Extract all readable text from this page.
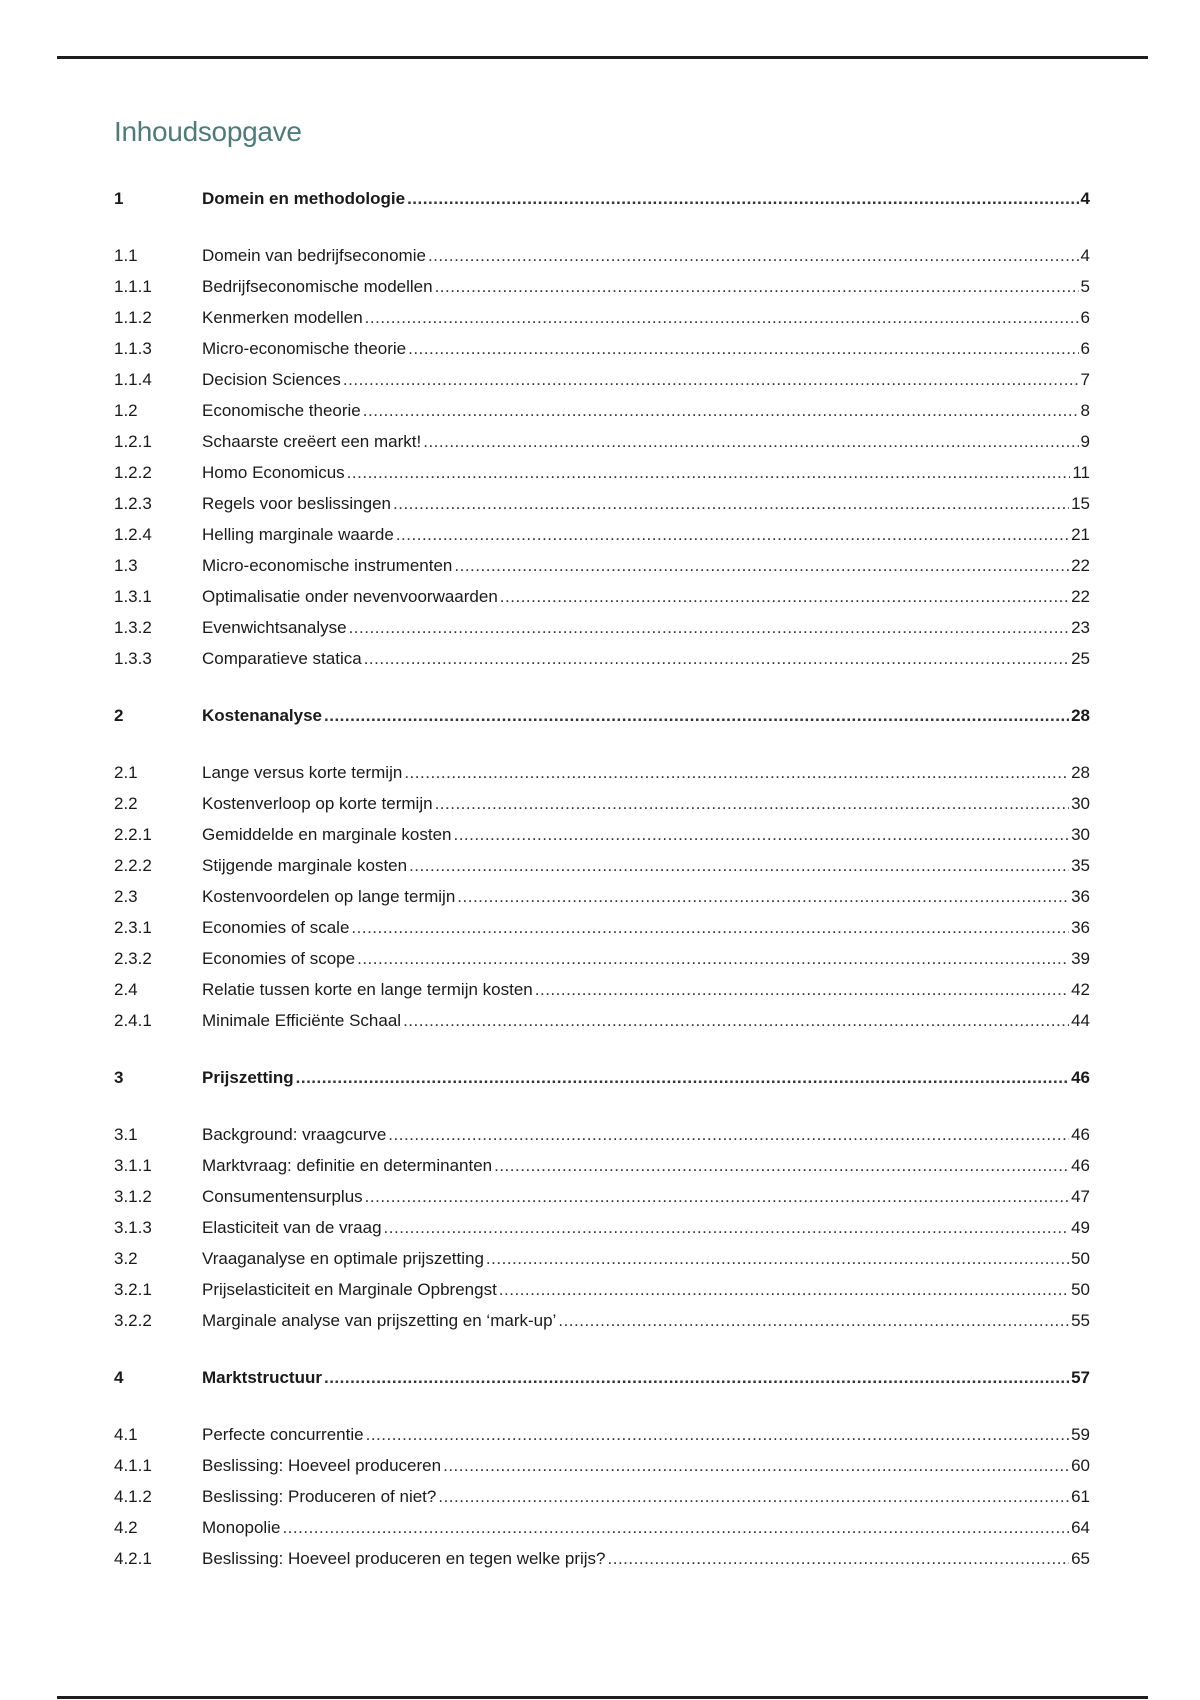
Inhoudsopgave
1	Domein en methodologie .....	4
1.1	Domein van bedrijfseconomie .....	4
1.1.1	Bedrijfseconomische modellen .....	5
1.1.2	Kenmerken modellen .....	6
1.1.3	Micro-economische theorie .....	6
1.1.4	Decision Sciences .....	7
1.2	Economische theorie .....	8
1.2.1	Schaarste creëert een markt! .....	9
1.2.2	Homo Economicus .....	11
1.2.3	Regels voor beslissingen .....	15
1.2.4	Helling marginale waarde .....	21
1.3	Micro-economische instrumenten .....	22
1.3.1	Optimalisatie onder nevenvoorwaarden .....	22
1.3.2	Evenwichtsanalyse .....	23
1.3.3	Comparatieve statica .....	25
2	Kostenanalyse .....	28
2.1	Lange versus korte termijn .....	28
2.2	Kostenverloop op korte termijn .....	30
2.2.1	Gemiddelde en marginale kosten .....	30
2.2.2	Stijgende marginale kosten .....	35
2.3	Kostenvoordelen op lange termijn .....	36
2.3.1	Economies of scale .....	36
2.3.2	Economies of scope .....	39
2.4	Relatie tussen korte en lange termijn kosten .....	42
2.4.1	Minimale Efficiënte Schaal .....	44
3	Prijszetting .....	46
3.1	Background: vraagcurve .....	46
3.1.1	Marktvraag: definitie en determinanten .....	46
3.1.2	Consumentensurplus .....	47
3.1.3	Elasticiteit van de vraag .....	49
3.2	Vraaganalyse en optimale prijszetting .....	50
3.2.1	Prijselasticiteit en Marginale Opbrengst .....	50
3.2.2	Marginale analyse van prijszetting en ‘mark-up’ .....	55
4	Marktstructuur .....	57
4.1	Perfecte concurrentie .....	59
4.1.1	Beslissing: Hoeveel produceren .....	60
4.1.2	Beslissing: Produceren of niet? .....	61
4.2	Monopolie .....	64
4.2.1	Beslissing: Hoeveel produceren en tegen welke prijs? .....	65
